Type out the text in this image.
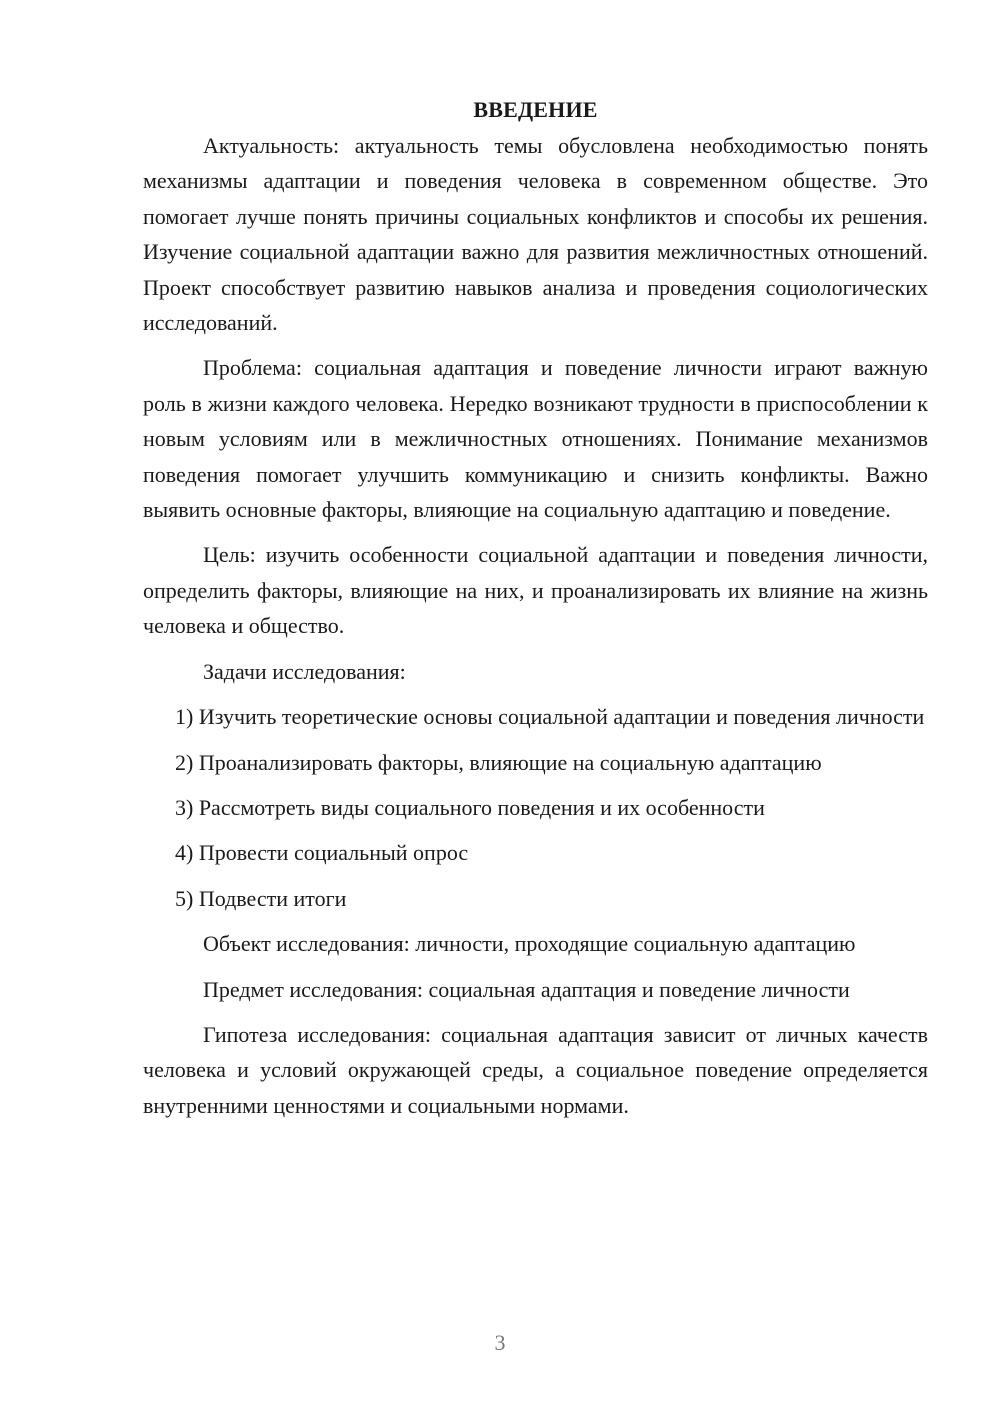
ВВЕДЕНИЕ

Актуальность: актуальность темы обусловлена необходимостью понять механизмы адаптации и поведения человека в современном обществе. Это помогает лучше понять причины социальных конфликтов и способы их решения. Изучение социальной адаптации важно для развития межличностных отношений. Проект способствует развитию навыков анализа и проведения социологических исследований.

Проблема: социальная адаптация и поведение личности играют важную роль в жизни каждого человека. Нередко возникают трудности в приспособлении к новым условиям или в межличностных отношениях. Понимание механизмов поведения помогает улучшить коммуникацию и снизить конфликты. Важно выявить основные факторы, влияющие на социальную адаптацию и поведение.

Цель: изучить особенности социальной адаптации и поведения личности, определить факторы, влияющие на них, и проанализировать их влияние на жизнь человека и общество.

Задачи исследования:

1) Изучить теоретические основы социальной адаптации и поведения личности

2) Проанализировать факторы, влияющие на социальную адаптацию

3) Рассмотреть виды социального поведения и их особенности

4) Провести социальный опрос

5) Подвести итоги

Объект исследования: личности, проходящие социальную адаптацию

Предмет исследования: социальная адаптация и поведение личности

Гипотеза исследования: социальная адаптация зависит от личных качеств человека и условий окружающей среды, а социальное поведение определяется внутренними ценностями и социальными нормами.

3
